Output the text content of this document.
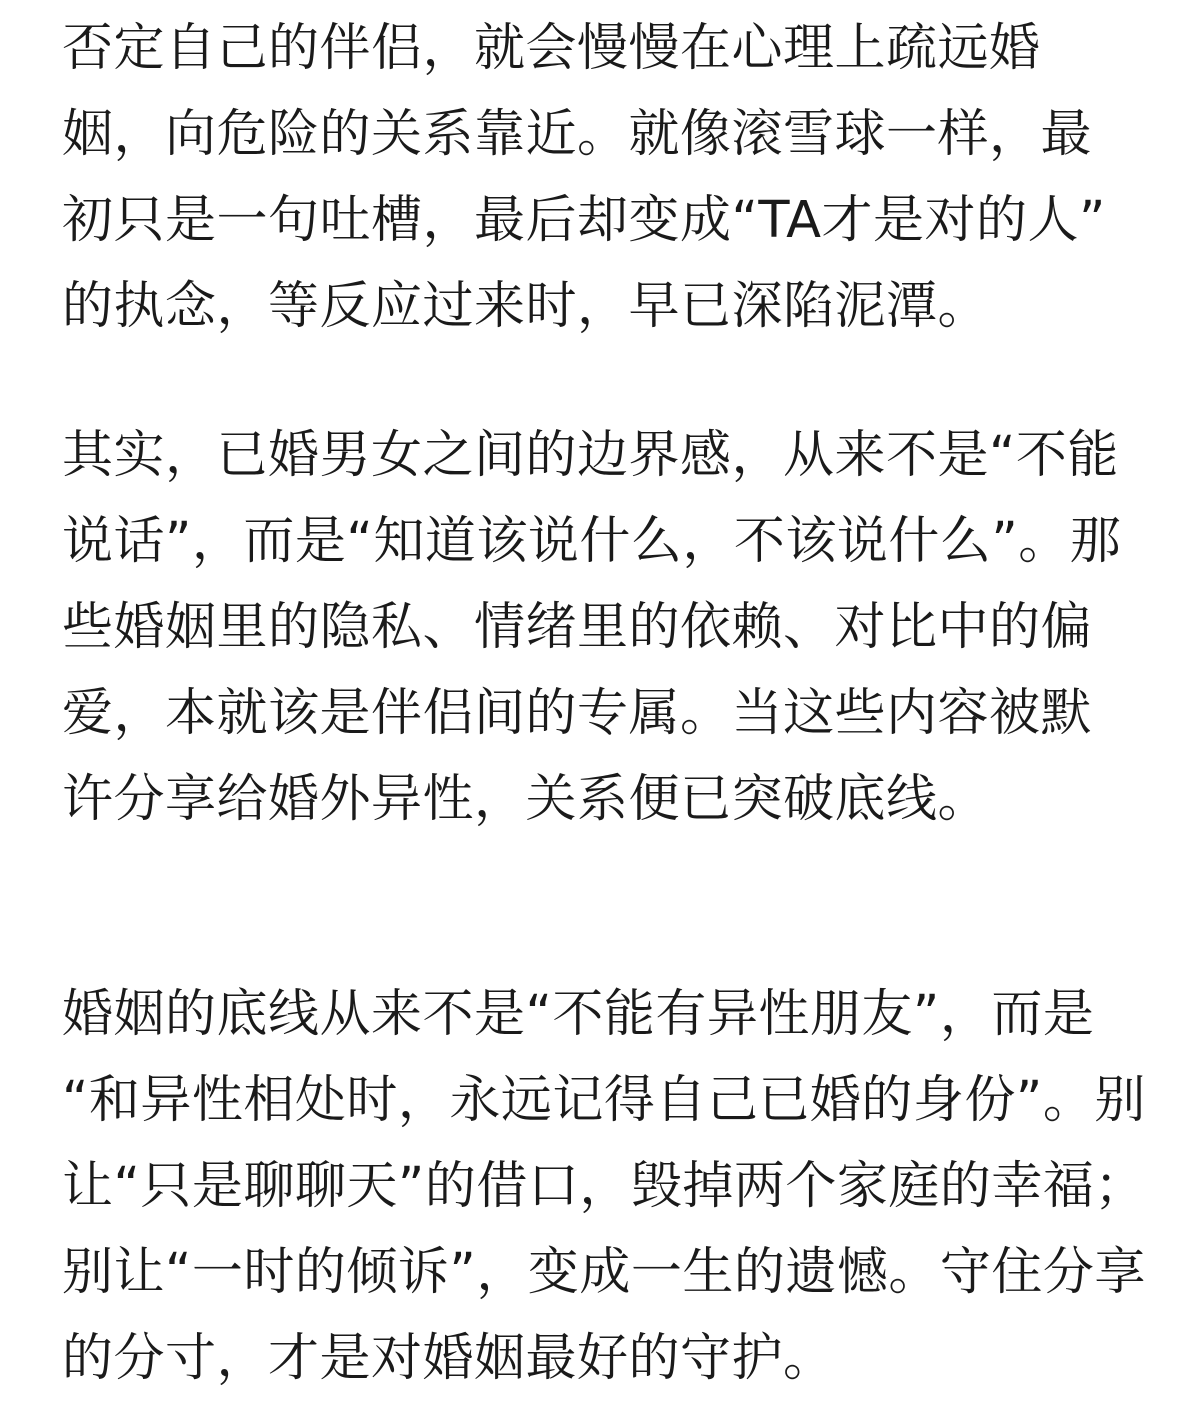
否定自己的伴侣，就会慢慢在心理上疏远婚
姻，向危险的关系靠近。就像滚雪球一样，最
初只是一句吐槽，最后却变成“TA才是对的人”
的执念，等反应过来时，早已深陷泥潭。
其实，已婚男女之间的边界感，从来不是“不能
说话”，而是“知道该说什么，不该说什么”。那
些婚姻里的隐私、情绪里的依赖、对比中的偏
爱，本就该是伴侣间的专属。当这些内容被默
许分享给婚外异性，关系便已突破底线。
婚姻的底线从来不是“不能有异性朋友”，而是
“和异性相处时，永远记得自己已婚的身份”。别
让“只是聊聊天”的借口，毁掉两个家庭的幸福；
别让“一时的倾诉”，变成一生的遗憾。守住分享
的分寸，才是对婚姻最好的守护。
